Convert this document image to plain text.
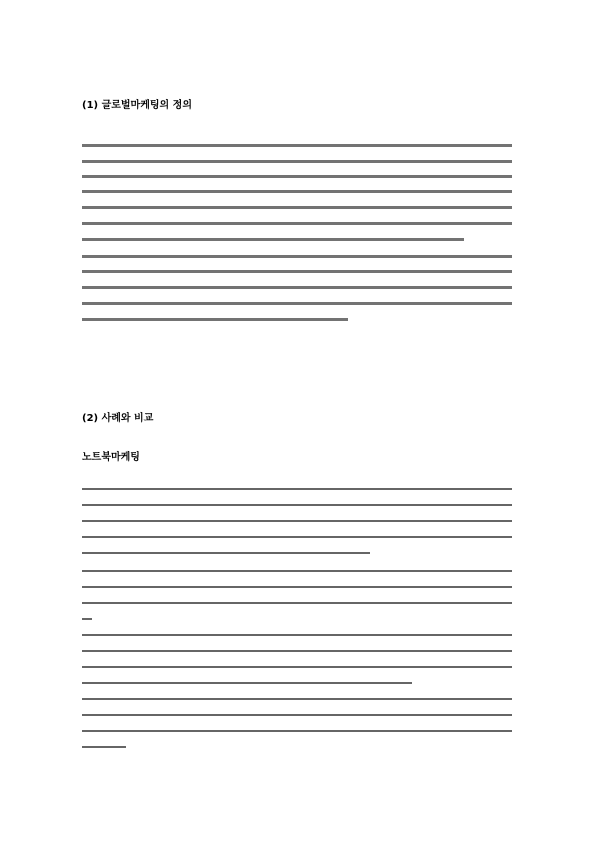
(1) 글로벌마케팅의 정의
(2) 사례와 비교
노트북마케팅
